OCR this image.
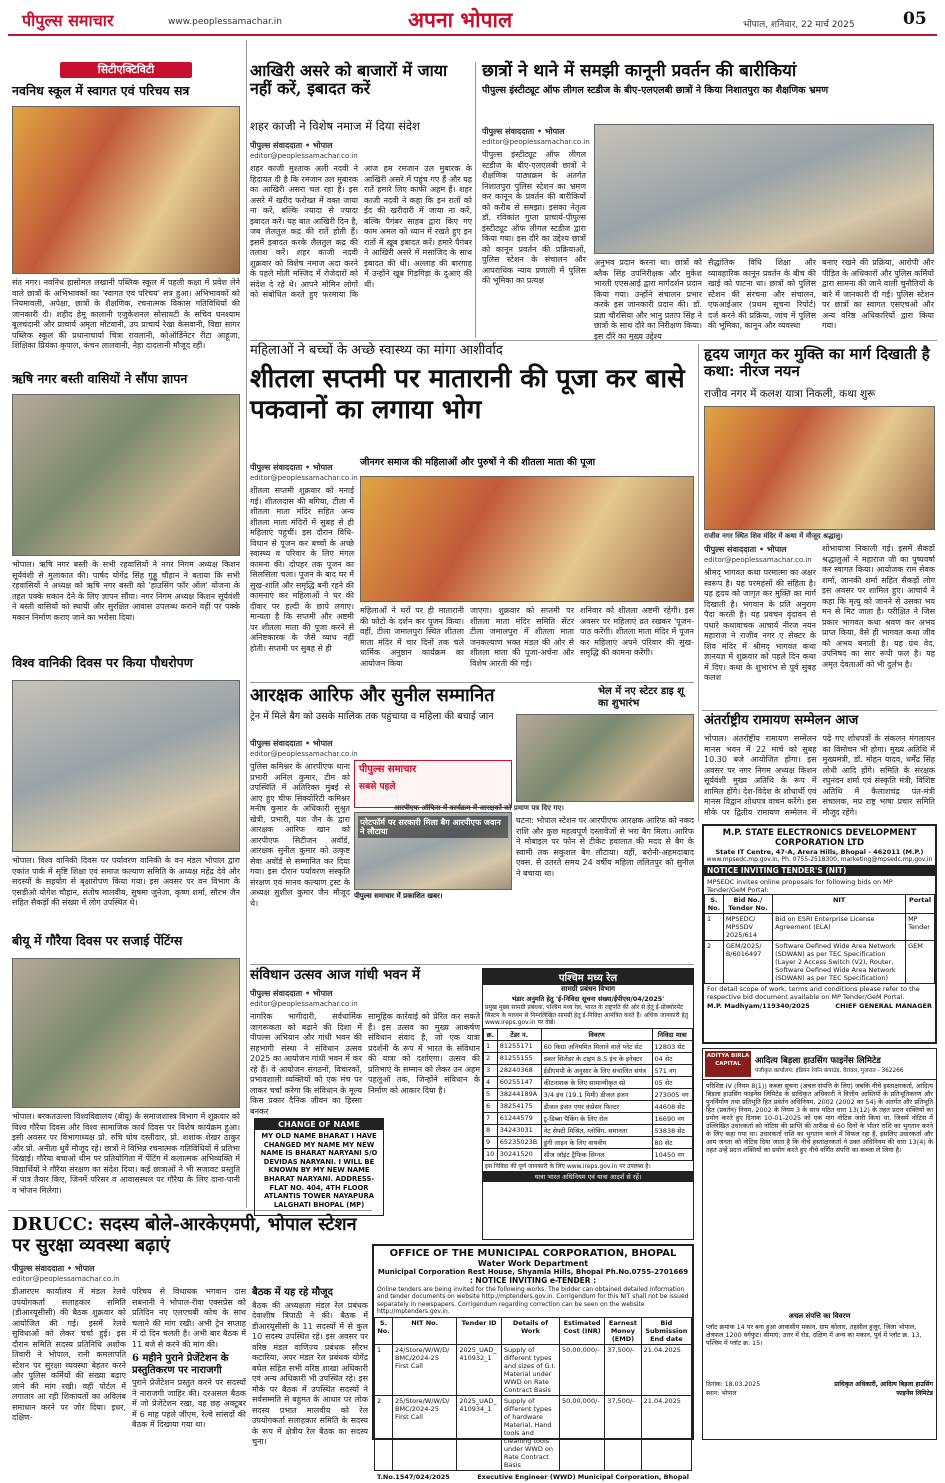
पीपुल्स समाचार	www.peoplessamachar.in	अपना भोपाल	भोपाल, शनिवार, 22 मार्च 2025	05
सिटीएक्टिविटी
नवनिध स्कूल में स्वागत एवं परिचय सत्र
संत नगर। नवनिध हासोमल लखानी पब्लिक स्कूल में पहली कक्षा में प्रवेश लेने वाले छात्रों के अभिभावकों का 'स्वागत एवं परिचय' सत्र हुआ। अभिभावकों को नियमावली, अपेक्षा, छात्रों के शैक्षणिक, रचनात्मक विकास गतिविधियों की जानकारी दी। शहीद हेमू कालानी एजुकेशनल सोसायटी के सचिव घनश्याम बूलचंदानी और प्राचार्य अमृता मोटवानी, उप प्राचार्य रेखा केसवानी, विद्या सागर पब्लिक स्कूल की प्रधानाचार्या चित्रा रावलानी, कोऑर्डिनेटर रीटा आहूजा, शिक्षिका प्रियंका कृपाल, कंचन लालवानी, नेहा दादलानी मौजूद रहीं।
ऋषि नगर बस्ती वासियों ने सौंपा ज्ञापन
भोपाल। ऋषि नगर बस्ती के सभी रहवासियों ने नगर निगम अध्यक्ष किशन सूर्यवंशी से मुलाकात की। पार्षद योगेंद्र सिंह गुड्डू चौहान ने बताया कि सभी रहवासियों ने अध्यक्ष को ऋषि नगर बस्ती को 'हाउसिंग फॉर ऑल' योजना के तहत पक्के मकान देने के लिए ज्ञापन सौंपा। नगर निगम अध्यक्ष किशन सूर्यवंशी ने बस्ती वासियों को स्थायी और सुरक्षित आवास उपलब्ध कराने वहीं पर पक्के मकान निर्माण कराए जाने का भरोसा दिया।
विश्व वानिकी दिवस पर किया पौधरोपण
भोपाल। विश्व वानिकी दिवस पर पर्यावरण वानिकी के वन मंडल भोपाल द्वारा एकांत पार्क में सृष्टि शिक्षा एवं समाज कल्याण समिति के अध्यक्ष महेंद्र देवे और सदस्यों के सहयोग से बृक्षारोपण किया गया। इस अवसर पर वन विभाग के एसडीओ योगेश चौहान, संतोष मालवीय, सुषमा जुनेजा, कृष्ण शर्मा, सौरभ जैन सहित सैकड़ों की संख्या में लोग उपस्थित थे।
बीयू में गौरैया दिवस पर सजाई पेंटिंग्स
भोपाल। बरकतउल्ला विश्वविद्यालय (बीयू) के समाजशास्त्र विभाग में शुक्रवार को विश्व गौरैया दिवस और विश्व सामाजिक कार्य दिवस पर विशेष कार्यक्रम हुआ। इसी अवसर पर विभागाध्यक्ष प्रो. रुचि घोष दस्तीदार, प्रो. शशांक शेखर ठाकुर और प्रो. अनीता धुर्वे मौजूद रहे। छात्रों ने विभिन्न रचनात्मक गतिविधियों में प्रतिभा दिखाई। गौरैया बचाओ थीम पर प्रतियोगिता में पेंटिंग में कलात्मक अभिव्यक्ति में विद्यार्थियों ने गौरैया संरक्षण का संदेश दिया। कई छात्राओं ने भी सजावट प्रस्तुति में पात्र तैयार किए, जिनमें परिसर व आवासस्थल पर गौरैया के लिए दाना-पानी व भोजन मिलेगा।
DRUCC: सदस्य बोले-आरकेएमपी, भोपाल स्टेशन पर सुरक्षा व्यवस्था बढ़ाएं
पीपुल्स संवाददाता • भोपाल
editor@peoplessamachar.co.in
डीआरएम कार्यालय में मंडल रेलवे उपयोगकर्ता सलाहकार समिति (डीआरयूसीसी) की बैठक शुक्रवार को आयोजित की गई। इसमें रेलवे सुविधाओं को लेकर चर्चा हुई। इस दौरान समिति सदस्य प्रतिनिधि अशोक तिवारी ने भोपाल, रानी कमलापति स्टेशन पर सुरक्षा व्यवस्था बेहतर करने और पुलिस कर्मियों की संख्या बढ़ाए जाने की मांग रखी। वहीं पोर्टल में लगातार आ रही शिकायतों का अविलंब समाधान करने पर जोर दिया। इधर, दक्षिण-
परिचय से विधायक भगवान दास सबनानी ने भोपाल-रीवा एक्सप्रेस को प्रतिदिन नए एलएचबी कोच के साथ चलाने की मांग रखी। अभी ट्रेन सप्ताह में दो दिन चलती है। अभी बार बैठक में 11 बजे से करने की मांग की।
6 महीने पुराने प्रेजेंटेशन के प्रस्तुतिकरण पर नाराजगी
पुराने प्रेजेंटेशन प्रस्तुत करने पर सदस्यों ने नाराजगी जाहिर की। दरअसल बैठक में जो प्रेजेंटेशन रखा, वह छह अक्टूबर में 6 माह पहले जीएम, रेल्वे सांसदों की बैठक में दिखाया गया था।
बैठक में यह रहे मौजूद
बैठक की अध्यक्षता मंडल रेल प्रबंधक देवाशीष त्रिपाठी ने की। बैठक में डीआरयूसीसी के 11 सदस्यों में से कुल 10 सदस्य उपस्थित रहे। इस अवसर पर वरिष्ठ मंडल वाणिज्य प्रबंधक सौरभ कटारिया, अपर मंडल रेल प्रबंधक योगेंद्र बघेल सहित सभी वरिष्ठ शाखा अधिकारी एवं अन्य अधिकारी भी उपस्थित रहे। इस मौके पर बैठक में उपस्थित सदस्यों ने सर्वसम्मति से बहुमत के आधार पर लोक सदस्य प्रभात मालवीय को रेल उपयोगकर्ता सलाहकार समिति के सदस्य के रूप में क्षेत्रीय रेल बैठक का सदस्य चुना।
आखिरी असरे को बाजारों में जाया नहीं करें, इबादत करें
शहर काजी ने विशेष नमाज में दिया संदेश
पीपुल्स संवाददाता • भोपाल
editor@peoplessamachar.co.in
शहर काजी मुश्ताक अली नदवी ने हिदायत दी है कि रमजान उल मुबारक का आखिरी असरा चल रहा है। इस असरे में खरीद फरोख्त में वक्त जाया ना करें, बल्कि ज्यादा से ज्यादा इबादत करें। यह बात आखिरी दिन है, जब लैलतुल कद्र की रातें होती हैं। इसमें इबादत करके लैलतुल कद्र की तलाश करें। शहर काजी नदवी शुक्रवार को विशेष नमाज अदा करने के पहले मोती मस्जिद में रोजेदारों को संदेश दे रहे थे। आपने मोमिन लोगों को संबोधित करते हुए फरमाया कि आज हम रमजान उल मुबारक के आखिरी असरे में पहुंच गए हैं और यह रातें हमारे लिए काफी अहम हैं। शहर काजी नदवी ने कहा कि इन रातों को ईद की खरीदारी में जाया ना करें, बल्कि पैगंबर साहब द्वारा किए गए काम अमल को ध्यान में रखते हुए इन रातों में खूब इबादत करें। हमारे पैगंबर ने आखिरी असरे में मसाजिद के साथ इबादत की थी। अल्लाह की बारगाह में उन्होंने खूब गिड़गिड़ा के दुआएं की थीं।
छात्रों ने थाने में समझी कानूनी प्रवर्तन की बारीकियां
पीपुल्स इंस्टीट्यूट ऑफ लीगल स्टडीज के बीए-एलएलबी छात्रों ने किया निशातपुरा का शैक्षणिक भ्रमण
पीपुल्स संवाददाता • भोपाल
editor@peoplessamachar.co.in
पीपुल्स इंस्टीट्यूट ऑफ लीगल स्टडीज के बीए-एलएलबी छात्रों ने शैक्षणिक पाठ्यक्रम के अंतर्गत निशातपुरा पुलिस स्टेशन का भ्रमण कर कानून के प्रवर्तन की बारीकियों को करीब से समझा। इसका नेतृत्व डॉ. रविकांत गुप्ता प्राचार्य-पीपुल्स इंस्टीट्यूट ऑफ लीगल स्टडीज द्वारा किया गया। इस दौरे का उद्देश्य छात्रों को कानून प्रवर्तन की प्रक्रियाओं, पुलिस स्टेशन के संचालन और आपराधिक न्याय प्रणाली में पुलिस की भूमिका का प्रत्यक्ष
अनुभव प्रदान करना था। छात्रों को ब्लैक सिंह उपनिरीक्षक और मुकेश भारती एएसआई द्वारा मार्गदर्शन प्रदान किया गया। उन्होंने संचालन प्रभार करके इस जानकारी प्रदान की। डॉ. प्रज्ञा चौरसिया और भानु प्रताप सिंह ने छात्रों के साथ दौरे का निरीक्षण किया। इस दौरे का मुख्य उद्देश्य
सैद्धांतिक विधि शिक्षा और व्यावहारिक कानून प्रवर्तन के बीच की खाई को पाटना था। छात्रों को पुलिस स्टेशन की संरचना और संचालन, एफआईआर (प्रथम सूचना रिपोर्ट) दर्ज करने की प्रक्रिया, जांच में पुलिस की भूमिका, कानून और व्यवस्था
बनाए रखने की प्रक्रिया, आरोपी और पीड़ित के अधिकारों और पुलिस कर्मियों द्वारा सामना की जाने वाली चुनौतियों के बारे में जानकारी दी गई। पुलिस स्टेशन पर छात्रों का स्वागत एसएचओ और अन्य वरिष्ठ अधिकारियों द्वारा किया गया।
महिलाओं ने बच्चों के अच्छे स्वास्थ्य का मांगा आशीर्वाद
शीतला सप्तमी पर मातारानी की पूजा कर बासे पकवानों का लगाया भोग
पीपुल्स संवाददाता • भोपाल
editor@peoplessamachar.co.in
शीतला सप्तमी शुक्रवार को मनाई गई। शीतलदास की बगिया, टीला में शीतला माता मंदिर सहित अन्य शीतला माता मंदिरों में सुबह से ही महिलाएं पहुंचीं। इस दौरान विधि-विधान से पूजन कर बच्चों के अच्छे स्वास्थ्य व परिवार के लिए मंगल कामना की। दोपहर तक पूजन का सिलसिला चला। पूजन के बाद घर में सुख-शांति और समृद्धि बनी रहने की कामनाएं कर महिलाओं ने घर की दीवार पर हल्दी के छापे लगाए। मान्यता है कि सप्तमी और अष्टमी पर शीतला माता की पूजा करने से अनिष्टकारक के जैसे व्याध नहीं होती। सप्तमी पर सुबह से ही
जीनगर समाज की महिलाओं और पुरुषों ने की शीतला माता की पूजा
महिलाओं ने घरों पर ही मातारानी की फोटो के दर्शन कर पूजन किया। वहीं, टीला जमालपुरा स्थित शीतला माता मंदिर में चार दिनों तक चले धार्मिक अनुष्ठान कार्यक्रम का आयोजन किया
जाएगा। शुक्रवार को सप्तमी पर शीतला माता मंदिर समिति सेंटर टीला जमालपुरा में शीतला माता जनकल्याण भक्त मंडल की ओर से शीतला माता की पूजा-अर्चना और विशेष आरती की गई।
शनिवार को शीतला अष्टमी रहेगी। इस अवसर पर महिलाएं व्रत रखकर 'पूजन-पाठ करेंगी। शीतला माता मंदिर में पूजन कर महिलाएं अपने परिवार की सुख-समृद्धि की कामना करेंगी।
हृदय जागृत कर मुक्ति का मार्ग दिखाती है कथा: नीरज नयन
राजीव नगर में कलश यात्रा निकली, कथा शुरू
राजीव नगर स्थित शिव मंदिर में कथा में मौजूद श्रद्धालु।
पीपुल्स संवाददाता • भोपाल
editor@peoplessamachar.co.in
श्रीमद् भागवत कथा परमात्मा का अक्षर स्वरूप है। यह परमहंसों की संहिता है। यह हृदय को जागृत कर मुक्ति का मार्ग दिखाती है। भगवान के प्रति अनुराग पैदा करती है। यह प्रवचन वृंदावन से पधारे कथावाचक आचार्य नीरज नयन महाराज ने राजीव नगर ए सेक्टर के शिव मंदिर में श्रीमद् भागवत कथा ज्ञानयज्ञ में शुक्रवार को पहले दिन कथा में दिए। कथा के शुभारंभ से पूर्व सुबह कलश
शोभायात्रा निकाली गई। इसमें सैकड़ों श्रद्धालुओं ने महाराज जी का पुष्पवर्षा कर स्वागत किया। आयोजक राम सेवक शर्मा, जानकी शर्मा सहित सैकड़ों लोग इस अवसर पर शामिल हुए। आचार्य ने कहा कि मृत्यु को जानने से उसका भय मन से मिट जाता है। परीक्षित ने जिस प्रकार भागवत कथा श्रवण कर अभय प्राप्त किया, वैसे ही भागवत कथा जीव को अभय बनाती है। यह ग्रंथ वेद, उपनिषद का सार रूपी फल है। यह अमृत देवताओं को भी दुर्लभ है।
अंतर्राष्ट्रीय रामायण सम्मेलन आज
भोपाल। अंतर्राष्ट्रीय रामायण सम्मेलन मानस भवन में 22 मार्च को सुबह 10.30 बजे आयोजित होगा। इस अवसर पर नगर निगम अध्यक्ष किशन सूर्यवंशी मुख्य अतिथि के रूप में शामिल होंगे। देश-विदेश के शोधार्थी एवं मानस विद्वान शोधपत्र वाचन करेंगे। इस मौके पर द्वितीय रामायण सम्मेलन में पढ़े गए शोधपत्रों के संकलन मंगलायन का विमोचन भी होगा। मुख्य अतिथि में मुख्यमंत्री, डॉ. मोहन यादव, धर्मेंद्र सिंह लोधी आदि होंगे। समिति के संरक्षक रघुनंदन शर्मा एवं संस्कृति मंत्री, विशिष्ट अतिथि में कैलाशचंद्र पंत-मंत्री संचालक, मप्र राष्ट्र भाषा प्रचार समिति मौजूद रहेंगे।
आरक्षक आरिफ और सुनील सम्मानित
ट्रेन में मिले बैग को उसके मालिक तक पहुंचाया व महिला की बचाई जान
पीपुल्स संवाददाता • भोपाल
editor@peoplessamachar.co.in
पुलिस कमिश्नर के आरपीएफ थाना प्रभारी अनिल कुमार, टीम को उपस्थिति में अतिरिक्त मुंबई से आए हुए चीफ सिक्योरिटी कमिश्नर मनीष कुमार के अधिकारी सुश्रुत खेत्री, प्रभारी, यश जैन के द्वारा आरक्षक आरिफ खान को आरपीएफ सिटीजन अवॉर्ड, आरक्षक सुनील कुमार को उत्कृष्ट सेवा अवॉर्ड से सम्मानित कर दिया गया। इस दौरान पर्यावरण संस्कृति संरक्षण एवं मानव कल्याण ट्रस्ट के अध्यक्ष सुशील कुमार जैन मौजूद थे।
पीपुल्स समाचार
सबसे पहले
प्लेटफॉर्म पर सरकारी मिला बैग आरपीएफ जवान ने लौटाया
पीपुल्स समाचार में प्रकाशित खबर।
आरपीएफ ऑफिस में कार्यक्रम में आरक्षकों को प्रमाण पत्र दिए गए।
घटना: भोपाल स्टेशन पर आरपीएफ आरक्षक आरिफ को नकद राशि और कुछ महत्वपूर्ण दस्तावेजों से भरा बैग मिला। आरिफ ने मोबाइल पर फोन से टीकेट हवालात की मदद से बैग के स्वामी तक सकुशल बैग लौटाया। वहीं, बरोनी-अहमदाबाद एक्स. से उतरते समय 24 वर्षीय महिला ललितपुर को सुनील ने बचाया था।
भेल में नए स्टेटर डाइ शू का शुभारंभ
संविधान उत्सव आज गांधी भवन में
पीपुल्स संवाददाता • भोपाल
editor@peoplessamachar.co.in
नागरिक भागीदारी, सर्वधार्मिक जागरूकता को बढ़ाने की दिशा में पीपल्स अभियान और गांधी भवन की सहभागी संस्था ने संविधान उत्सव 2025 का आयोजन गांधी भवन में कर रहे हैं। वे आयोजन संगठनों, विचारकों, प्रभावशाली व्यक्तियों को एक मंच पर लाकर चर्चा करेगा कि संविधान के मूल्य किस प्रकार दैनिक जीवन का हिस्सा बनकर
सामूहिक कार्रवाई को प्रेरित कर सकते हैं। इस उत्सव का मुख्य आकर्षण संविधान संवाद है, जो एक यात्रा प्रदर्शनी के रूप में भारत के संविधान की यात्रा को दर्शाएगा। उत्सव की प्रतिभाएं के सम्मान को लेकर उन अहम पहलुओं तक, जिन्होंने संविधान के निर्माण को आकार दिया है।
CHANGE OF NAME
MY OLD NAME BHARAT I HAVE CHANGED MY NAME MY NEW NAME IS BHARAT NARYANI S/O DEVIDAS NARYANI. I WILL BE KNOWN BY MY NEW NAME BHARAT NARYANI. ADDRESS- FLAT NO. 404, 4TH FLOOR ATLANTIS TOWER NAYAPURA LALGHATI BHOPAL (MP)
पश्चिम मध्य रेल
सामग्री प्रबंधन विभाग
भंडार अनुमति हेतु 'ई-निविदा सूचना संख्या/ईपीएस/04/2025'
प्रमुख मुख्य सामग्री प्रबंधक, पश्चिम मध्य रेल, भारत के राष्ट्रपति की ओर से हेतु ई-प्रोक्योरमेंट सिस्टम के माध्यम से निम्नलिखित सामग्री हेतु ई-निविदा आमंत्रित करते हैं। अधिक जानकारी हेतु www.ireps.gov.in पर देखें।
क्र.	टेंडर न.	विवरण	निविदा मात्रा
1	81255171	60 किग्रा अनियमित मिलाने वाले प्लेट सेट	12803 सेट
2	81255155	डबल सिलेंडर के टाइप 8.5 इंच के इनेक्टर	04 सेट
3	28240368	ईडीएमपी के अनुसार के लिए संचालित संयंत्र	571 नग
4	60255147	कीटनाशक के लिए सामान्यीकृत स्प्रे	05 सेट
5	38244189A	3/4 इंच (19.1 मिमी) डीजल इंजन	273005 नग
6	38254175	डीजल इंजन एयर कंप्रेसर फिल्टर	44608 सेट
7	61244579	टू-डिब्बा पैकिंग के लिए रोल	16690 नग
8	34243031	नेट सेफ्टी मिश्रित, ग्लोविंग, समानता	53838 सेट
9	65235023B	डूंगी लाइन के लिए वायवीय	80 सेट
10	30241520	सीज जॉइंट ट्रैफिक सिग्नल	10450 नग
इस निविदा की पूर्ण जानकारी के लिए www.ireps.gov.in पर उपलब्ध है।
यात्रा भारत अधिनियम एवं यात्रा आदर्श से रहें।
OFFICE OF THE MUNICIPAL CORPORATION, BHOPAL
Water Work Department
Municipal Corporation Rest House, Shyamla Hills, Bhopal Ph.No.0755-2701669
: NOTICE INVITING e-TENDER :
Online tenders are being invited for the following works. The bidder can obtained detailed information and tender documents on website http://mptenders.gov.in. Corrigendum for this NIT shall not be issued separately in newspapers. Corrigendum regarding correction can be seen on the website http://mptenders.gov.in.
S. No.	NIT No.	Tender ID	Details of Work	Estimated Cost (INR)	Earnest Money (EMD)	Bid Submission End date
1	24/Store/W/W/D/ BMC/2024-25 First Call	2025_UAD_ 410932_1	Supply of different types and sizes of G.I. Material under WWD on Rate Contract Basis	50,00,000/-	37,500/-	21.04.2025
2	25/Store/W/W/D/ BMC/2024-25 First Call	2025_UAD_ 410934_1	Supply of different types of hardware Material, Hand tools and cleaning tools under WWD on Rate Contract Basis	50,00,000/-	37,500/-	21.04.2025
T.No.1547/024/2025	Executive Engineer (WWD) Municipal Corporation, Bhopal
M.P. STATE ELECTRONICS DEVELOPMENT CORPORATION LTD
State IT Centre, 47-A, Arera Hills, Bhopal - 462011 (M.P.)
www.mpsedc.mp.gov.in, Ph. 0755-2518300, marketing@mpsedc.mp.gov.in
NOTICE INVITING TENDER'S (NIT)
MPSEDC invites online proposals for following bids on MP Tender/GeM Portal:
S. No.	Bid No./ Tender No.	NIT	Portal
1	MPSEDC/ MPSSDV 2025/614	Bid on ESRI Enterprise License Agreement (ELA)	MP Tender
2	GEM/2025/ B/6016497	Software Defined Wide Area Network (SDWAN) as per TEC Specification (Layer 2 Access Switch (V2), Router, Software Defined Wide Area Network (SDWAN) as per TEC Specification)	GEM
For detail scope of work, terms and conditions please refer to the respective bid document available on MP Tender/GeM Portal.
M.P. Madhyam/119340/2025	CHIEF GENERAL MANAGER
ADITYA BIRLA CAPITAL	आदित्य बिड़ला हाउसिंग फाइनेंस लिमिटेड
पंजीकृत कार्यालय: इंडियन रेयॉन कंपाउंड, वेरावल, गुजरात - 362266
परिशिष्ट IV (नियम 8(1)) कब्जा सूचना (अचल संपत्ति के लिए) जबकि नीचे हस्ताक्षरकर्ता, आदित्य बिड़ला हाउसिंग फाइनेंस लिमिटेड के प्राधिकृत अधिकारी ने वित्तीय आस्तियों के प्रतिभूतिकरण और पुनर्निर्माण तथा प्रतिभूति हित प्रवर्तन अधिनियम, 2002 (2002 का 54) के अंतर्गत और प्रतिभूति हित (प्रवर्तन) नियम, 2002 के नियम 3 के साथ पठित धारा 13(12) के तहत प्रदत्त शक्तियों का प्रयोग करते हुए दिनांक 10-01-2025 को एक मांग नोटिस जारी किया था, जिसमें नोटिस में उल्लिखित उधारकर्ता को नोटिस की प्राप्ति की तारीख से 60 दिनों के भीतर राशि का भुगतान करने के लिए कहा गया था। उधारकर्ता राशि का भुगतान करने में विफल रहा है, इसलिए उधारकर्ता और आम जनता को नोटिस दिया जाता है कि नीचे हस्ताक्षरकर्ता ने उक्त अधिनियम की धारा 13(4) के तहत उन्हें प्रदत्त शक्तियों का प्रयोग करते हुए नीचे वर्णित संपत्ति का कब्जा ले लिया है।
अचल संपत्ति का विवरण
प्लॉट क्रमांक 14 पर बना हुआ आवासीय मकान, ग्राम कोलार, तहसील हुजूर, जिला भोपाल, क्षेत्रफल 1200 वर्गफुट। सीमाएं: उत्तर में रोड, दक्षिण में अन्य का मकान, पूर्व में प्लॉट क्र. 13, पश्चिम में प्लॉट क्र. 15।
दिनांक: 18.03.2025
स्थान: भोपाल
प्राधिकृत अधिकारी, आदित्य बिड़ला हाउसिंग फाइनेंस लिमिटेड
